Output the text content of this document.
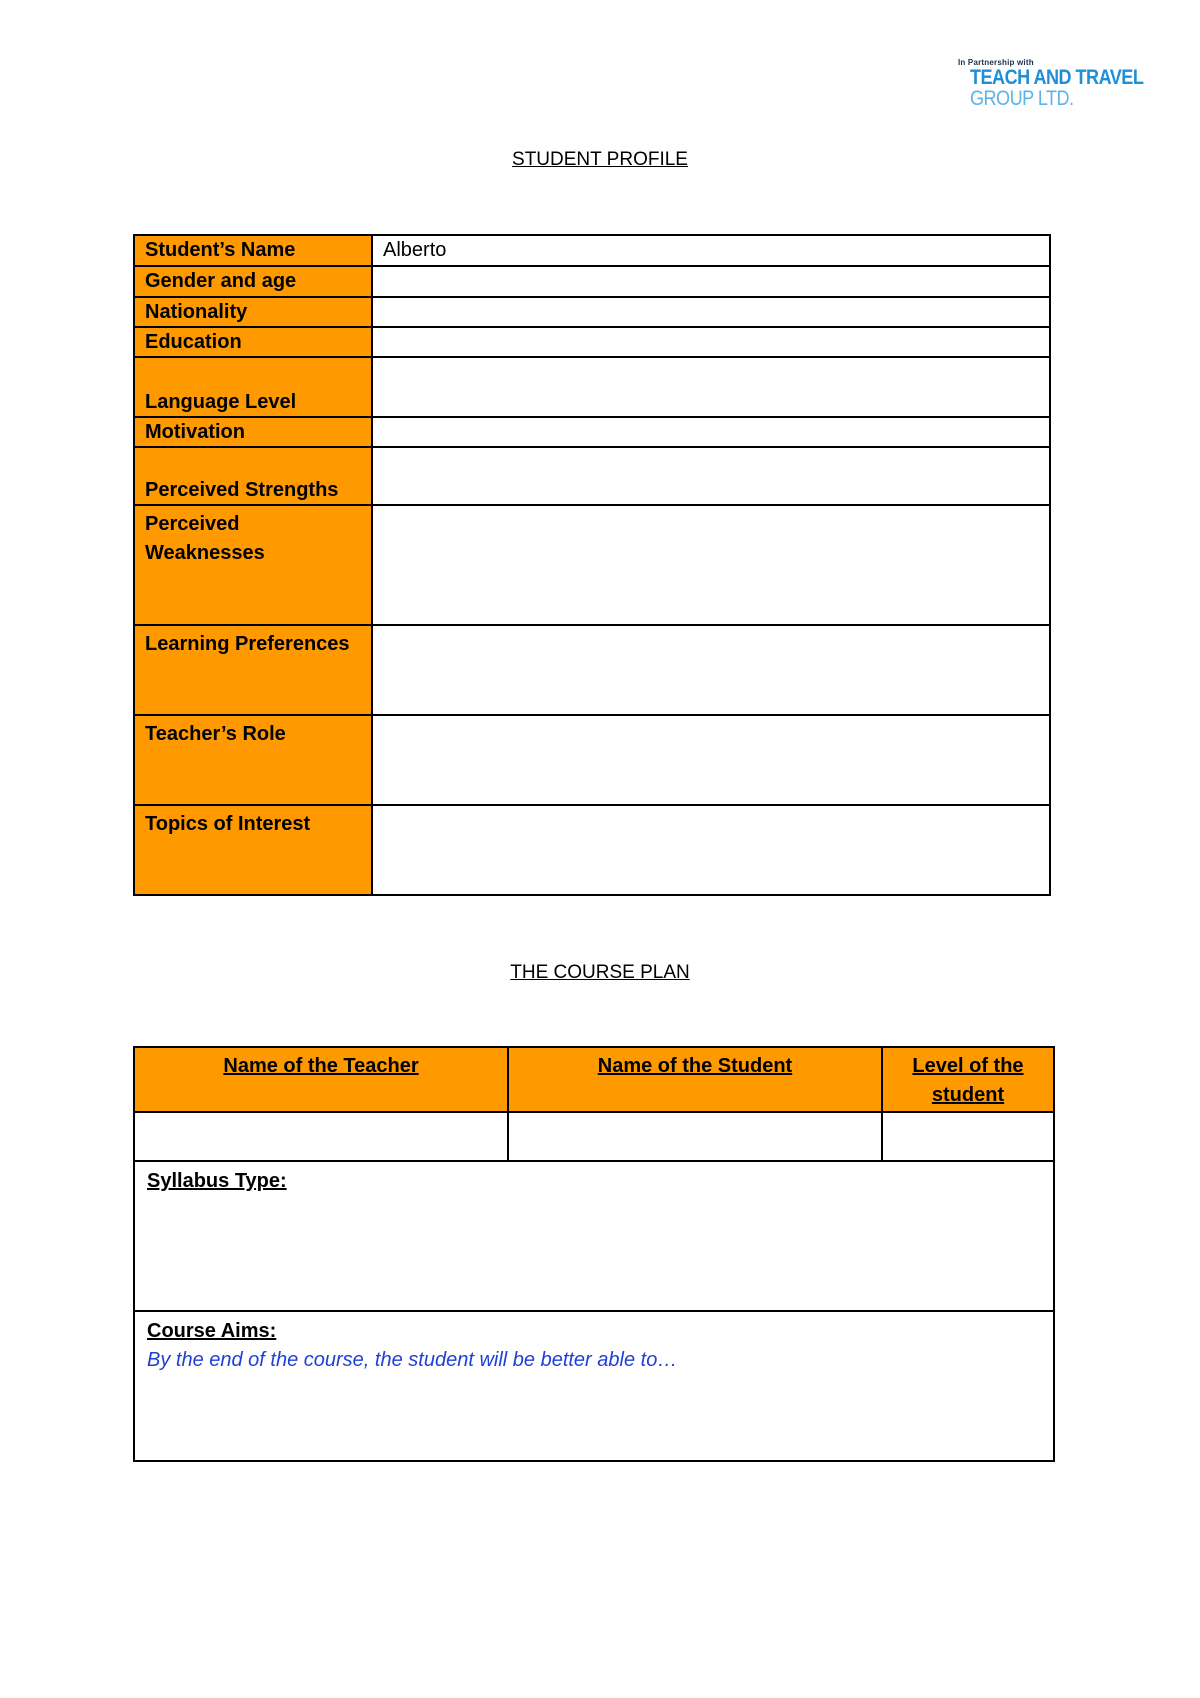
In Partnership with
TEACH AND TRAVEL
GROUP LTD.
STUDENT PROFILE
Student’s Name	Alberto
Gender and age	
Nationality	
Education	
Language Level	
Motivation	
Perceived Strengths	
Perceived Weaknesses	
Learning Preferences	
Teacher’s Role	
Topics of Interest	
THE COURSE PLAN
Name of the Teacher	Name of the Student	Level of the student

Syllabus Type:		

Course Aims:
By the end of the course, the student will be better able to…		
